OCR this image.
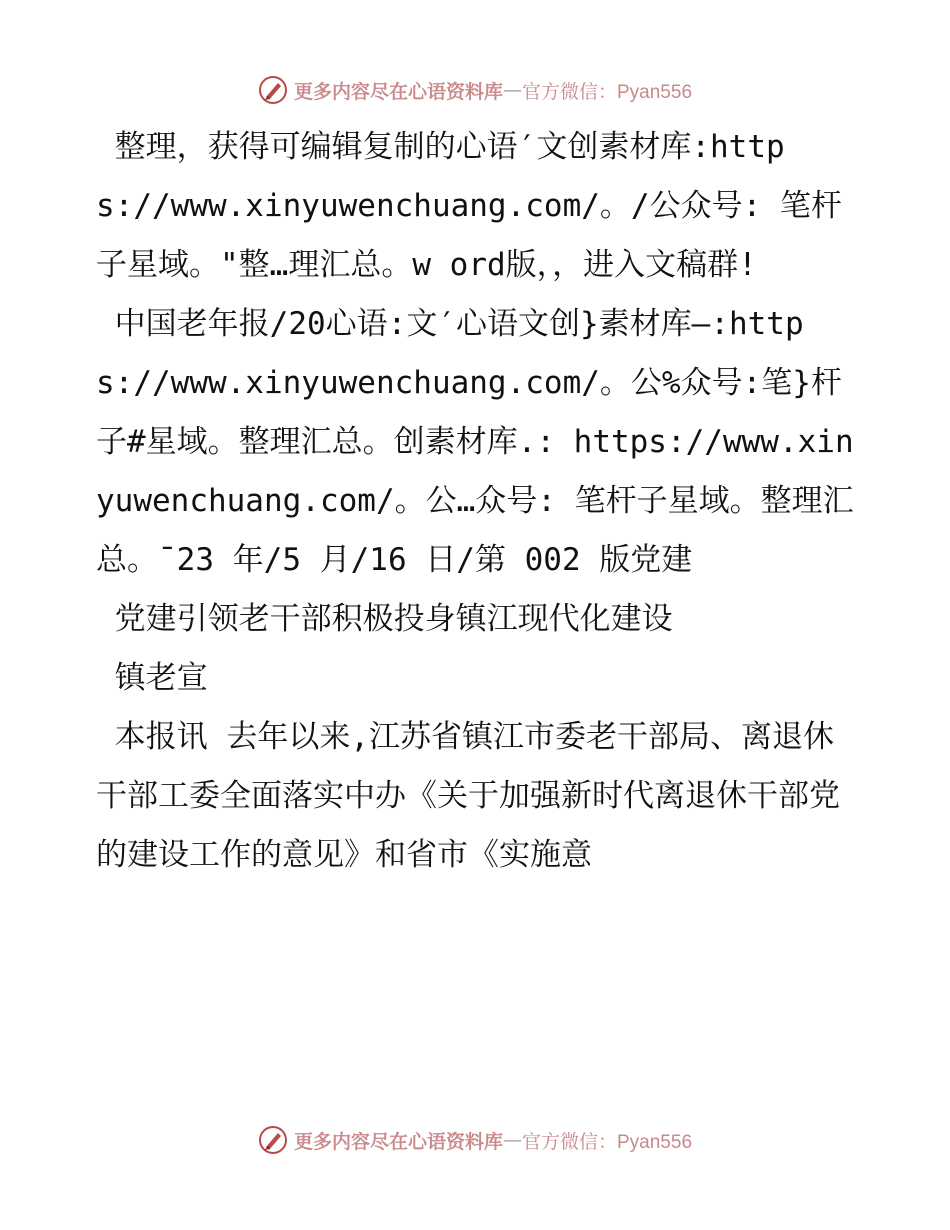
更多内容尽在心语资料库 — 官方微信：Pyan556

整理，获得可编辑复制的心语′文创素材库:https://www.xinyuwenchuang.com/。/公众号: 笔杆子星域。"整…理汇总。w ord版，，进入文稿群!

中国老年报/20心语:文′心语文创}素材库—:https://www.xinyuwenchuang.com/。公%众号:笔}杆子#星域。整理汇总。创素材库.: https://www.xinyuwenchuang.com/。公…众号: 笔杆子星域。整理汇总。¯23 年/5 月/16 日/第 002 版党建

党建引领老干部积极投身镇江现代化建设

镇老宣

本报讯 去年以来,江苏省镇江市委老干部局、离退休干部工委全面落实中办《关于加强新时代离退休干部党的建设工作的意见》和省市《实施意

更多内容尽在心语资料库 — 官方微信：Pyan556
